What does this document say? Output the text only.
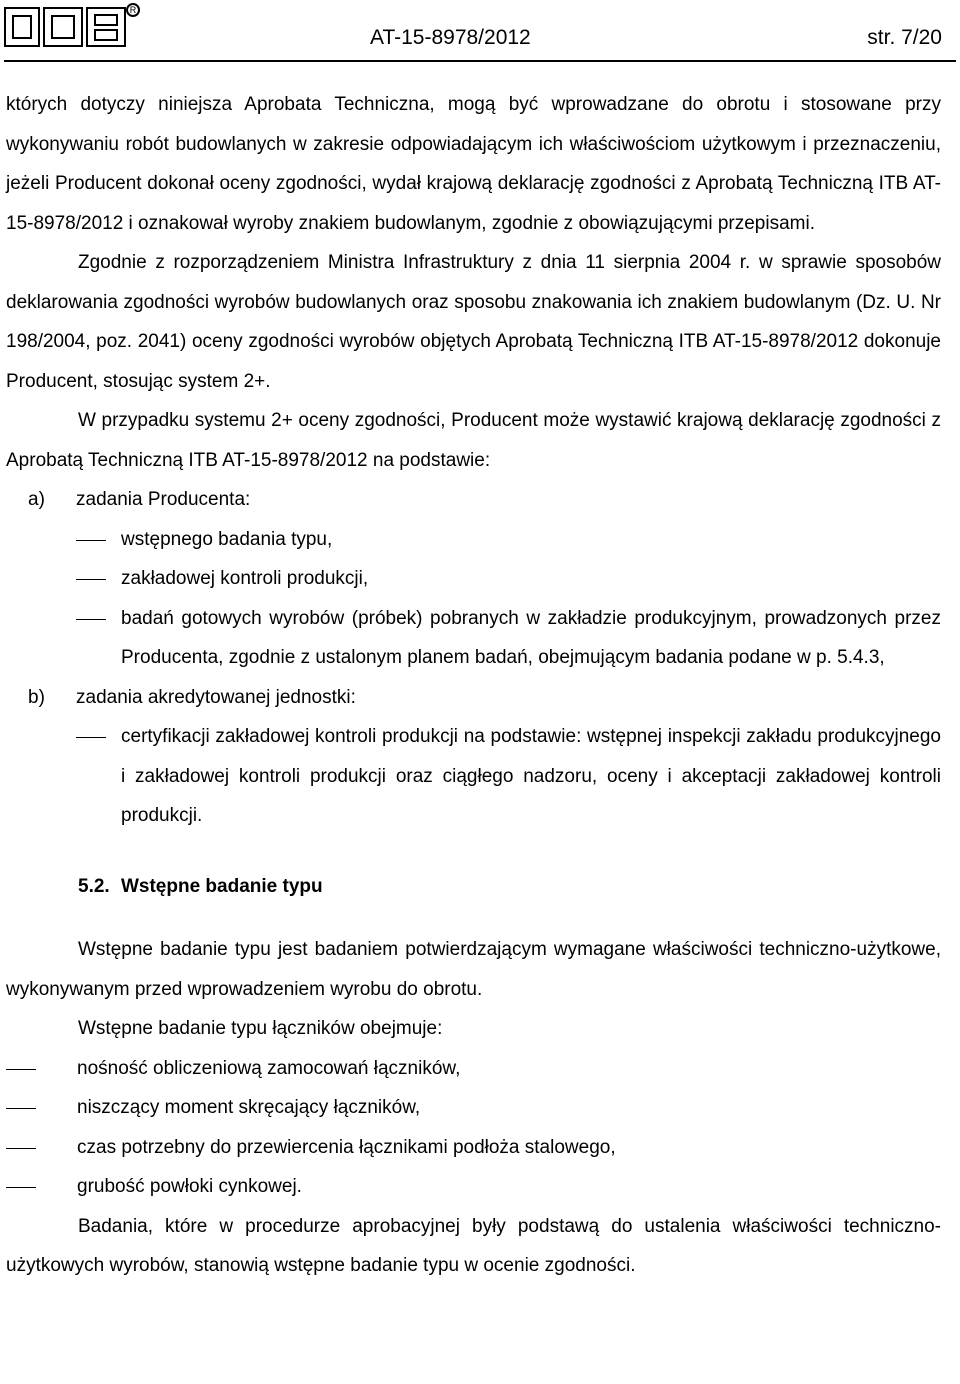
R
AT-15-8978/2012	str. 7/20

których dotyczy niniejsza Aprobata Techniczna, mogą być wprowadzane do obrotu i stosowane przy wykonywaniu robót budowlanych w zakresie odpowiadającym ich właściwościom użytkowym i przeznaczeniu, jeżeli Producent dokonał oceny zgodności, wydał krajową deklarację zgodności z Aprobatą Techniczną ITB AT-15-8978/2012 i oznakował wyroby znakiem budowlanym, zgodnie z obowiązującymi przepisami.

Zgodnie z rozporządzeniem Ministra Infrastruktury z dnia 11 sierpnia 2004 r. w sprawie sposobów deklarowania zgodności wyrobów budowlanych oraz sposobu znakowania ich znakiem budowlanym (Dz. U. Nr 198/2004, poz. 2041) oceny zgodności wyrobów objętych Aprobatą Techniczną ITB AT-15-8978/2012 dokonuje Producent, stosując system 2+.

W przypadku systemu 2+ oceny zgodności, Producent może wystawić krajową deklarację zgodności z Aprobatą Techniczną ITB AT-15-8978/2012 na podstawie:

a) zadania Producenta:
wstępnego badania typu,
zakładowej kontroli produkcji,
badań gotowych wyrobów (próbek) pobranych w zakładzie produkcyjnym, prowadzonych przez Producenta, zgodnie z ustalonym planem badań, obejmującym badania podane w p. 5.4.3,
b) zadania akredytowanej jednostki:
certyfikacji zakładowej kontroli produkcji na podstawie: wstępnej inspekcji zakładu produkcyjnego i zakładowej kontroli produkcji oraz ciągłego nadzoru, oceny i akceptacji zakładowej kontroli produkcji.
5.2. Wstępne badanie typu

Wstępne badanie typu jest badaniem potwierdzającym wymagane właściwości techniczno-użytkowe, wykonywanym przed wprowadzeniem wyrobu do obrotu.

Wstępne badanie typu łączników obejmuje:

nośność obliczeniową zamocowań łączników,
niszczący moment skręcający łączników,
czas potrzebny do przewiercenia łącznikami podłoża stalowego,
grubość powłoki cynkowej.

Badania, które w procedurze aprobacyjnej były podstawą do ustalenia właściwości techniczno-użytkowych wyrobów, stanowią wstępne badanie typu w ocenie zgodności.
